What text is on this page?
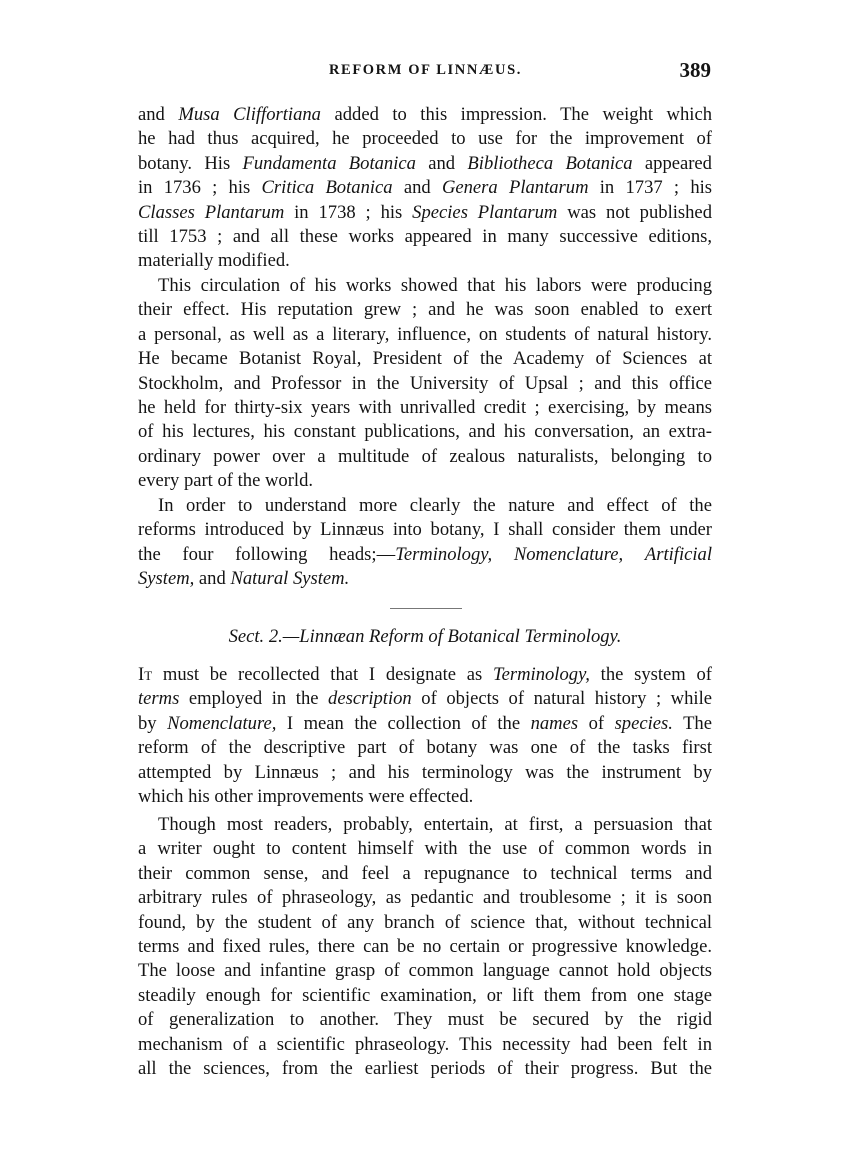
REFORM OF LINNÆUS.	389
and Musa Cliffortiana added to this impression. The weight which
he had thus acquired, he proceeded to use for the improvement of
botany. His Fundamenta Botanica and Bibliotheca Botanica appeared
in 1736 ; his Critica Botanica and Genera Plantarum in 1737 ; his
Classes Plantarum in 1738 ; his Species Plantarum was not published
till 1753 ; and all these works appeared in many successive editions,
materially modified.
This circulation of his works showed that his labors were producing
their effect. His reputation grew ; and he was soon enabled to exert
a personal, as well as a literary, influence, on students of natural history.
He became Botanist Royal, President of the Academy of Sciences at
Stockholm, and Professor in the University of Upsal ; and this office
he held for thirty-six years with unrivalled credit ; exercising, by means
of his lectures, his constant publications, and his conversation, an extra-
ordinary power over a multitude of zealous naturalists, belonging to
every part of the world.
In order to understand more clearly the nature and effect of the
reforms introduced by Linnæus into botany, I shall consider them under
the four following heads;—Terminology, Nomenclature, Artificial
System, and Natural System.
Sect. 2.—Linnæan Reform of Botanical Terminology.
It must be recollected that I designate as Terminology, the system of
terms employed in the description of objects of natural history ; while
by Nomenclature, I mean the collection of the names of species. The
reform of the descriptive part of botany was one of the tasks first
attempted by Linnæus ; and his terminology was the instrument by
which his other improvements were effected.
Though most readers, probably, entertain, at first, a persuasion that
a writer ought to content himself with the use of common words in
their common sense, and feel a repugnance to technical terms and
arbitrary rules of phraseology, as pedantic and troublesome ; it is soon
found, by the student of any branch of science that, without technical
terms and fixed rules, there can be no certain or progressive knowledge.
The loose and infantine grasp of common language cannot hold objects
steadily enough for scientific examination, or lift them from one stage
of generalization to another. They must be secured by the rigid
mechanism of a scientific phraseology. This necessity had been felt in
all the sciences, from the earliest periods of their progress. But the
